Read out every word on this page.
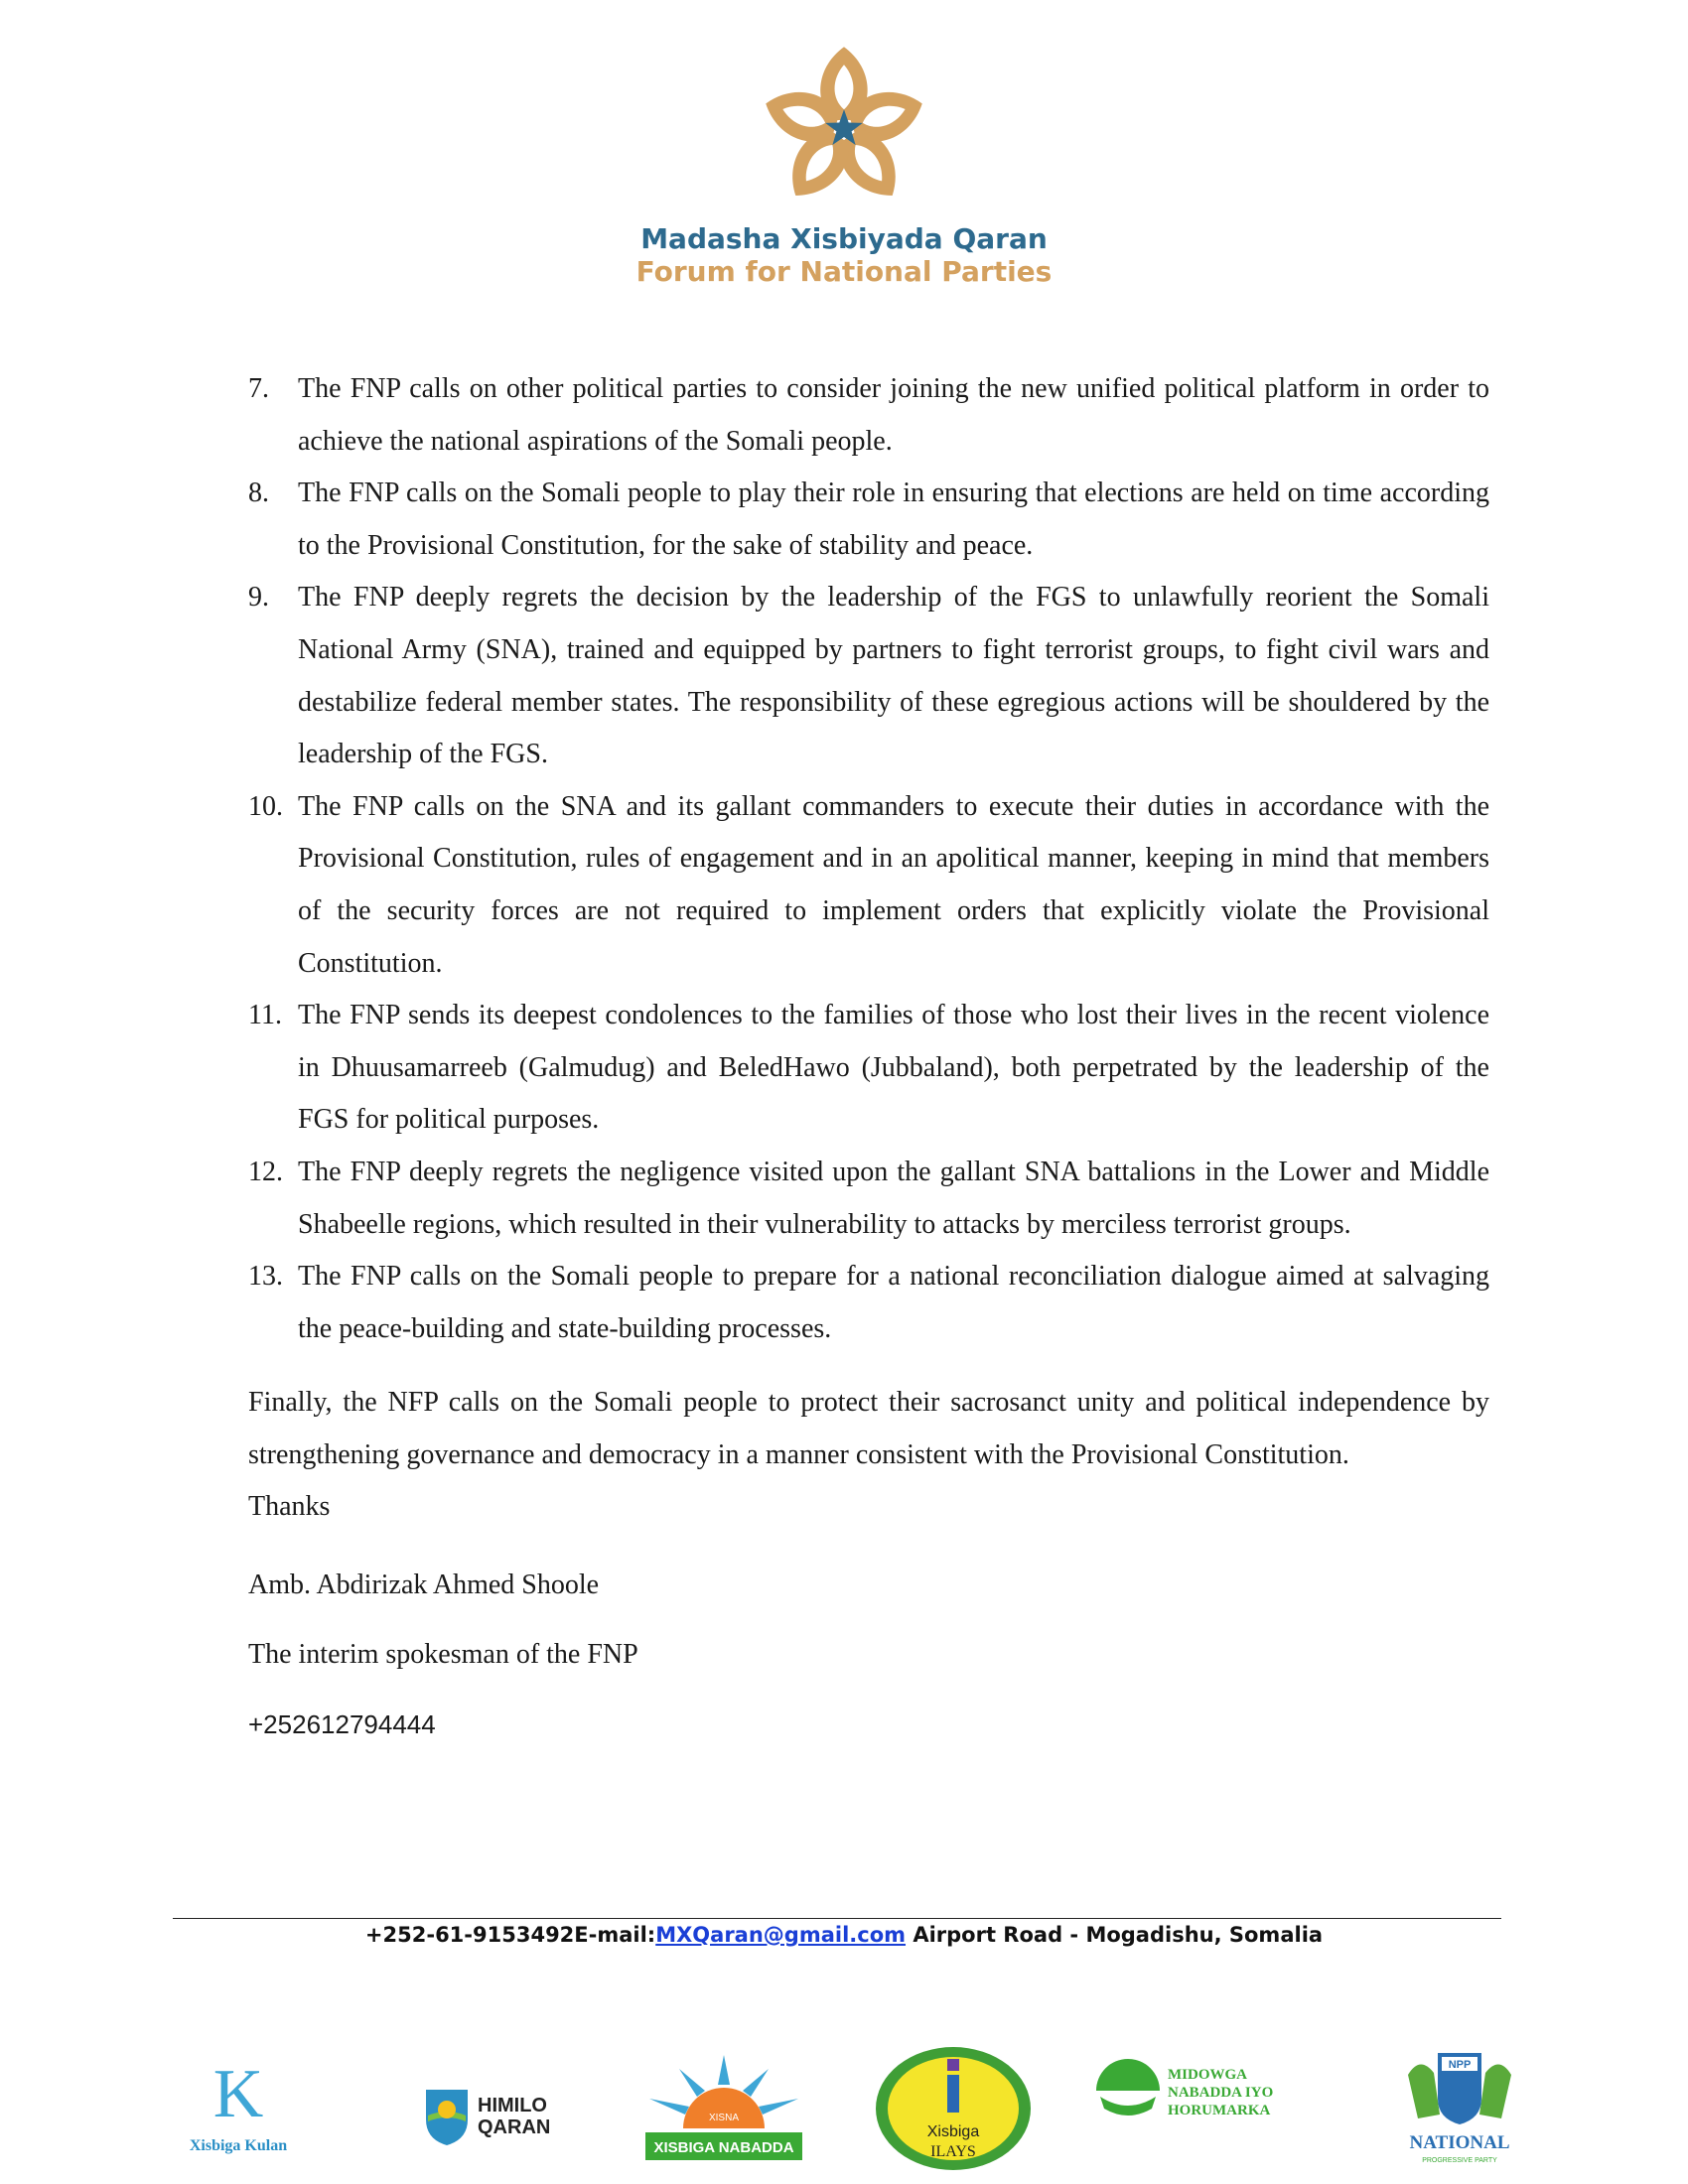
Madasha Xisbiyada Qaran
Forum for National Parties
7.	The FNP calls on other political parties to consider joining the new unified political platform in order to achieve the national aspirations of the Somali people.
8.	The FNP calls on the Somali people to play their role in ensuring that elections are held on time according to the Provisional Constitution, for the sake of stability and peace.
9.	The FNP deeply regrets the decision by the leadership of the FGS to unlawfully reorient the Somali National Army (SNA), trained and equipped by partners to fight terrorist groups, to fight civil wars and destabilize federal member states. The responsibility of these egregious actions will be shouldered by the leadership of the FGS.
10. The FNP calls on the SNA and its gallant commanders to execute their duties in accordance with the Provisional Constitution, rules of engagement and in an apolitical manner, keeping in mind that members of the security forces are not required to implement orders that explicitly violate the Provisional Constitution.
11. The FNP sends its deepest condolences to the families of those who lost their lives in the recent violence in Dhuusamarreeb (Galmudug) and BeledHawo (Jubbaland), both perpetrated by the leadership of the FGS for political purposes.
12. The FNP deeply regrets the negligence visited upon the gallant SNA battalions in the Lower and Middle Shabeelle regions, which resulted in their vulnerability to attacks by merciless terrorist groups.
13. The FNP calls on the Somali people to prepare for a national reconciliation dialogue aimed at salvaging the peace-building and state-building processes.
Finally, the NFP calls on the Somali people to protect their sacrosanct unity and political independence by strengthening governance and democracy in a manner consistent with the Provisional Constitution.
Thanks
Amb. Abdirizak Ahmed Shoole
The interim spokesman of the FNP
+252612794444
+252-61-9153492E-mail:MXQaran@gmail.com Airport Road - Mogadishu, Somalia
K
Xisbiga Kulan
HIMILO
QARAN	XISNA
XISBIGA NABADDA
Xisbiga
ILAYS
MIDOWGA
NABADDA IYO
HORUMARKA
NPP
NATIONAL
PROGRESSIVE PARTY
